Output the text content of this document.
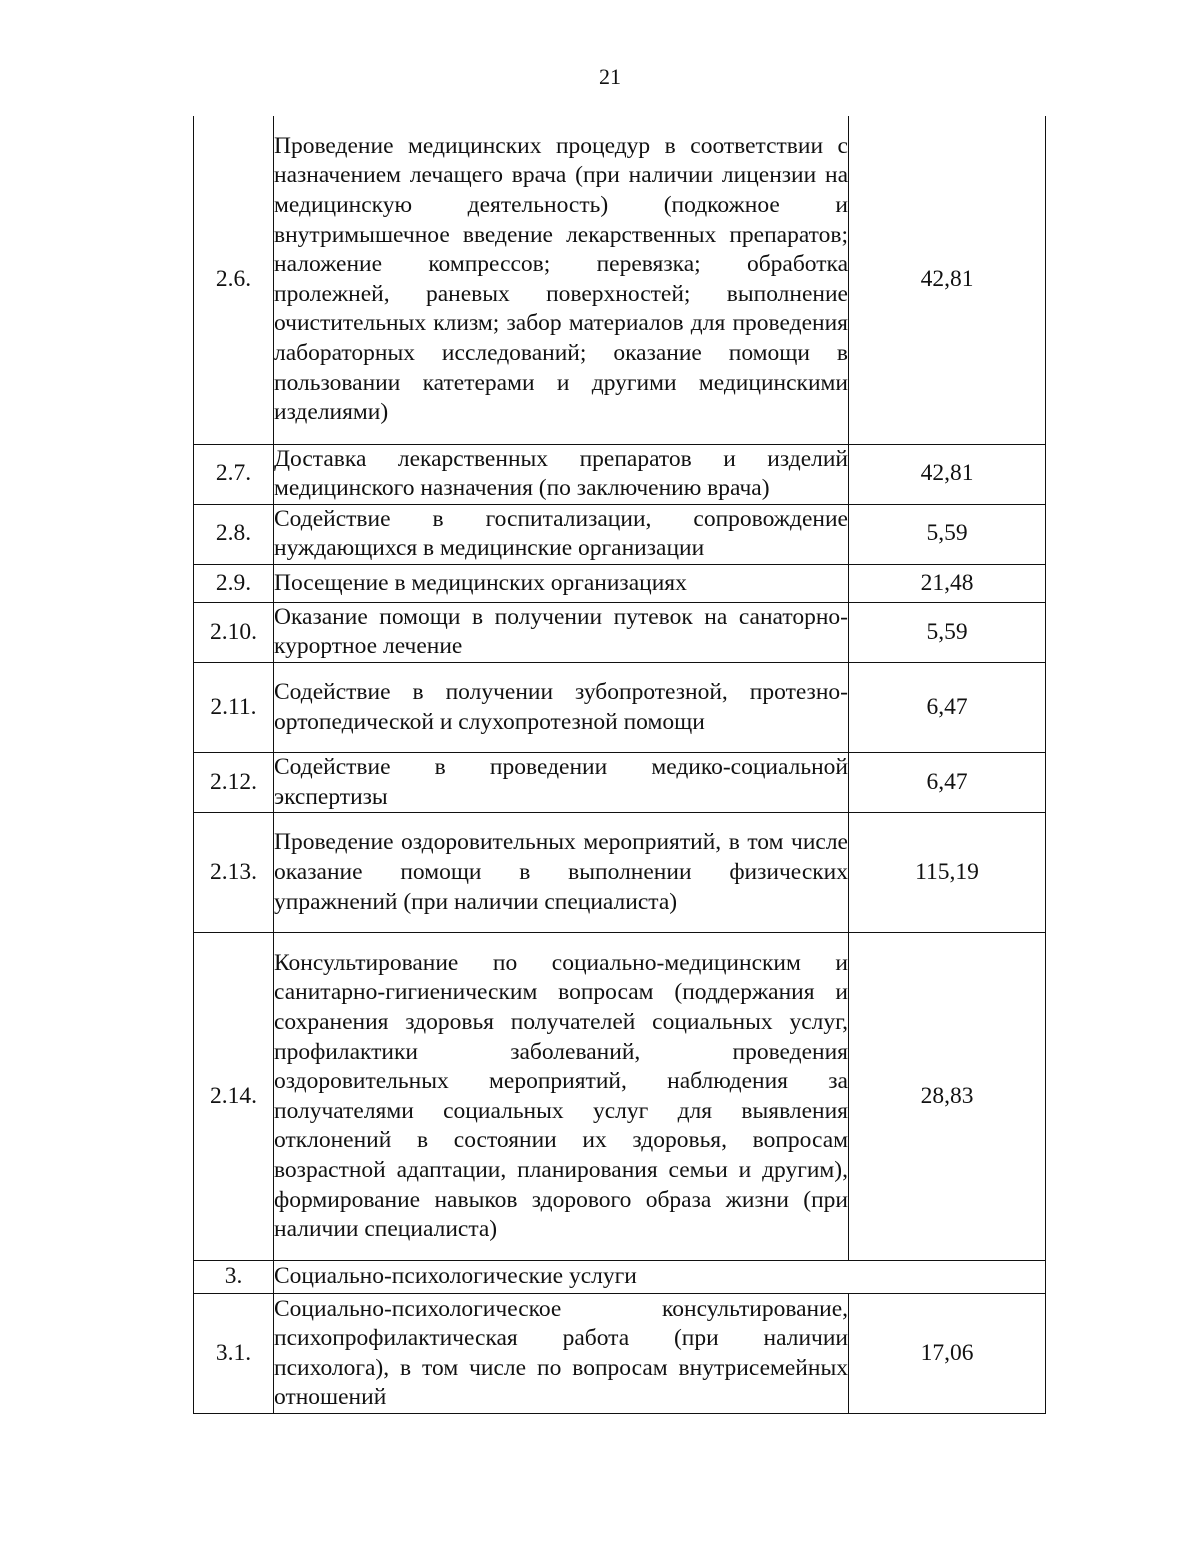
21
2.6.	Проведение медицинских процедур в соответствии с назначением лечащего врача (при наличии лицензии на медицинскую деятельность) (подкожное и внутримышечное введение лекарственных препаратов; наложение компрессов; перевязка; обработка пролежней, раневых поверхностей; выполнение очистительных клизм; забор материалов для проведения лабораторных исследований; оказание помощи в пользовании катетерами и другими медицинскими изделиями)	42,81
2.7.	Доставка лекарственных препаратов и изделий медицинского назначения (по заключению врача)	42,81
2.8.	Содействие в госпитализации, сопровождение нуждающихся в медицинские организации	5,59
2.9.	Посещение в медицинских организациях	21,48
2.10.	Оказание помощи в получении путевок на санаторно-курортное лечение	5,59
2.11.	Содействие в получении зубопротезной, протезно-ортопедической и слухопротезной помощи	6,47
2.12.	Содействие в проведении медико-социальной экспертизы	6,47
2.13.	Проведение оздоровительных мероприятий, в том числе оказание помощи в выполнении физических упражнений (при наличии специалиста)	115,19
2.14.	Консультирование по социально-медицинским и санитарно-гигиеническим вопросам (поддержания и сохранения здоровья получателей социальных услуг, профилактики заболеваний, проведения оздоровительных мероприятий, наблюдения за получателями социальных услуг для выявления отклонений в состоянии их здоровья, вопросам возрастной адаптации, планирования семьи и другим), формирование навыков здорового образа жизни (при наличии специалиста)	28,83
3.	Социально-психологические услуги	
3.1.	Социально-психологическое консультирование, психопрофилактическая работа (при наличии психолога), в том числе по вопросам внутрисемейных отношений	17,06
